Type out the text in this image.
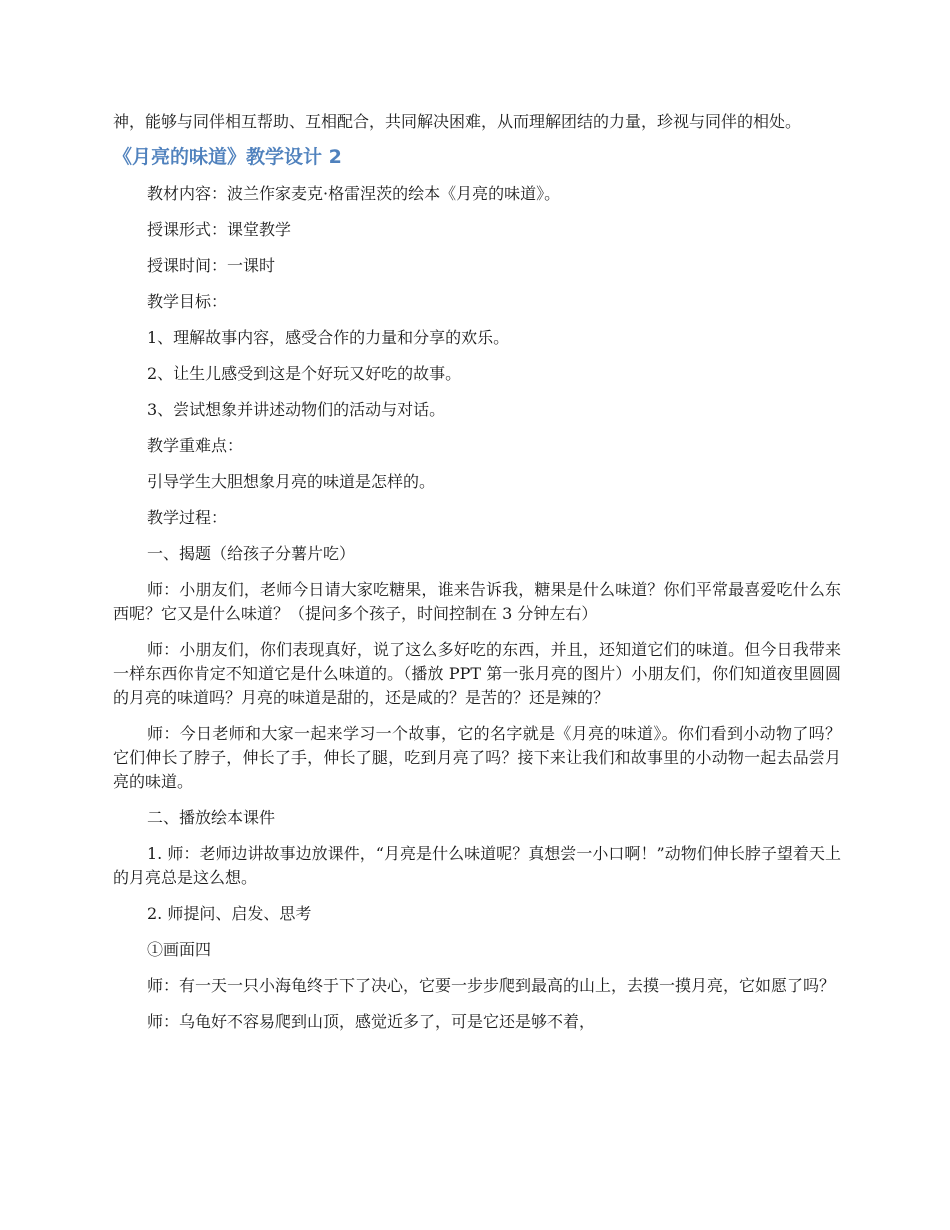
神，能够与同伴相互帮助、互相配合，共同解决困难，从而理解团结的力量，珍视与同伴的相处。

《月亮的味道》教学设计 2

教材内容：波兰作家麦克·格雷涅茨的绘本《月亮的味道》。

授课形式：课堂教学

授课时间：一课时

教学目标：

1、理解故事内容，感受合作的力量和分享的欢乐。

2、让生儿感受到这是个好玩又好吃的故事。

3、尝试想象并讲述动物们的活动与对话。

教学重难点：

引导学生大胆想象月亮的味道是怎样的。

教学过程：

一、揭题（给孩子分薯片吃）

师：小朋友们，老师今日请大家吃糖果，谁来告诉我，糖果是什么味道？你们平常最喜爱吃什么东西呢？它又是什么味道？（提问多个孩子，时间控制在 3 分钟左右）

师：小朋友们，你们表现真好，说了这么多好吃的东西，并且，还知道它们的味道。但今日我带来一样东西你肯定不知道它是什么味道的。（播放 PPT 第一张月亮的图片）小朋友们，你们知道夜里圆圆的月亮的味道吗？月亮的味道是甜的，还是咸的？是苦的？还是辣的？

师：今日老师和大家一起来学习一个故事，它的名字就是《月亮的味道》。你们看到小动物了吗？它们伸长了脖子，伸长了手，伸长了腿，吃到月亮了吗？接下来让我们和故事里的小动物一起去品尝月亮的味道。

二、播放绘本课件

1. 师：老师边讲故事边放课件，“月亮是什么味道呢？真想尝一小口啊！”动物们伸长脖子望着天上的月亮总是这么想。

2. 师提问、启发、思考

①画面四

师：有一天一只小海龟终于下了决心，它要一步步爬到最高的山上，去摸一摸月亮，它如愿了吗？

师：乌龟好不容易爬到山顶，感觉近多了，可是它还是够不着，
